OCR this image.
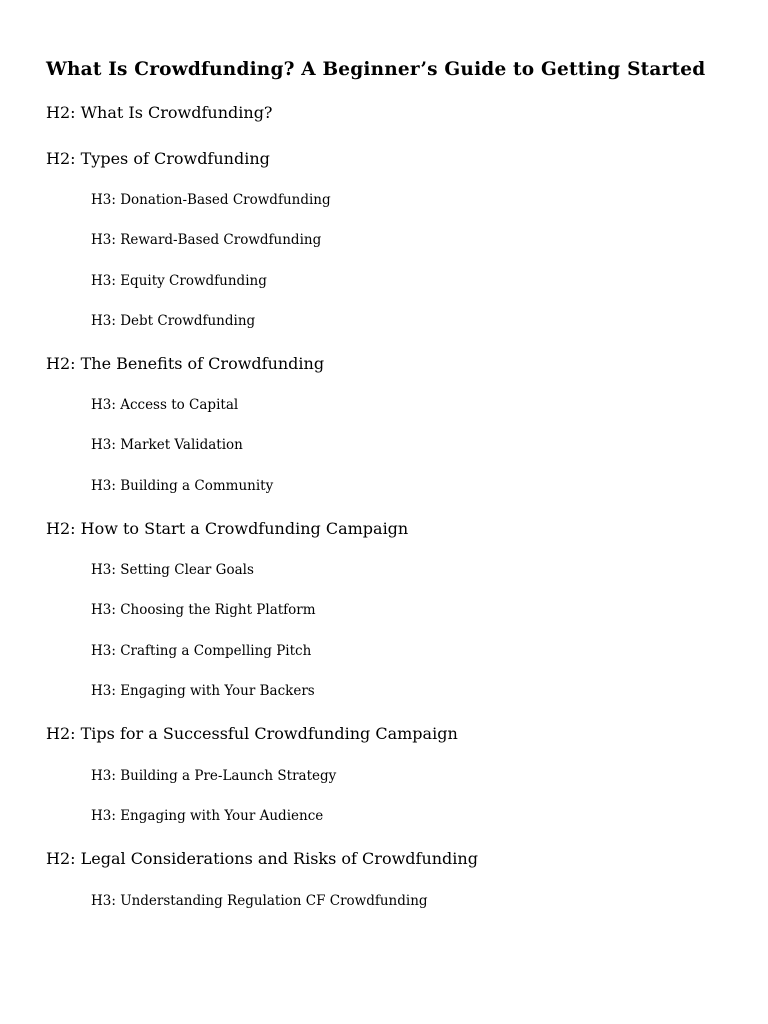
What Is Crowdfunding? A Beginner’s Guide to Getting Started
H2: What Is Crowdfunding?
H2: Types of Crowdfunding
H3: Donation-Based Crowdfunding
H3: Reward-Based Crowdfunding
H3: Equity Crowdfunding
H3: Debt Crowdfunding
H2: The Benefits of Crowdfunding
H3: Access to Capital
H3: Market Validation
H3: Building a Community
H2: How to Start a Crowdfunding Campaign
H3: Setting Clear Goals
H3: Choosing the Right Platform
H3: Crafting a Compelling Pitch
H3: Engaging with Your Backers
H2: Tips for a Successful Crowdfunding Campaign
H3: Building a Pre-Launch Strategy
H3: Engaging with Your Audience
H2: Legal Considerations and Risks of Crowdfunding
H3: Understanding Regulation CF Crowdfunding
